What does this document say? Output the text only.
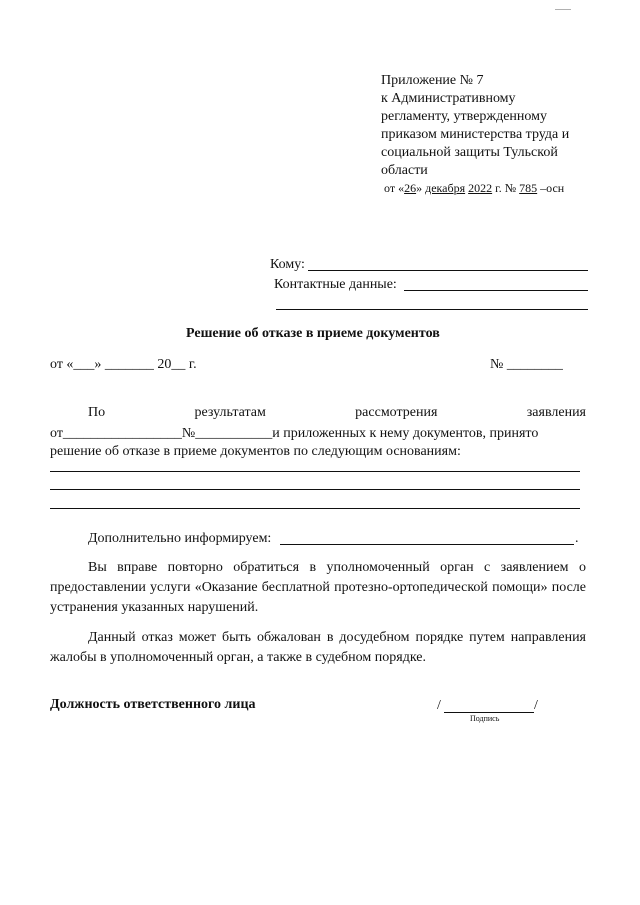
Приложение № 7
к Административному
регламенту, утвержденному
приказом министерства труда и
социальной защиты Тульской
области
от «26» декабря 2022 г. № 785 –осн
Кому:
Контактные данные:
Решение об отказе в приеме документов
от «___» _______ 20__ г.	№ ________
По	результатам	рассмотрения	заявления
от_________________№___________и приложенных к нему документов, принято
решение об отказе в приеме документов по следующим основаниям:
Дополнительно информируем:	.
Вы вправе повторно обратиться в уполномоченный орган с заявлением о предоставлении услуги «Оказание бесплатной протезно-ортопедической помощи» после устранения указанных нарушений.
Данный отказ может быть обжалован в досудебном порядке путем направления жалобы в уполномоченный орган, а также в судебном порядке.
Должность ответственного лица	/	/
Подпись
